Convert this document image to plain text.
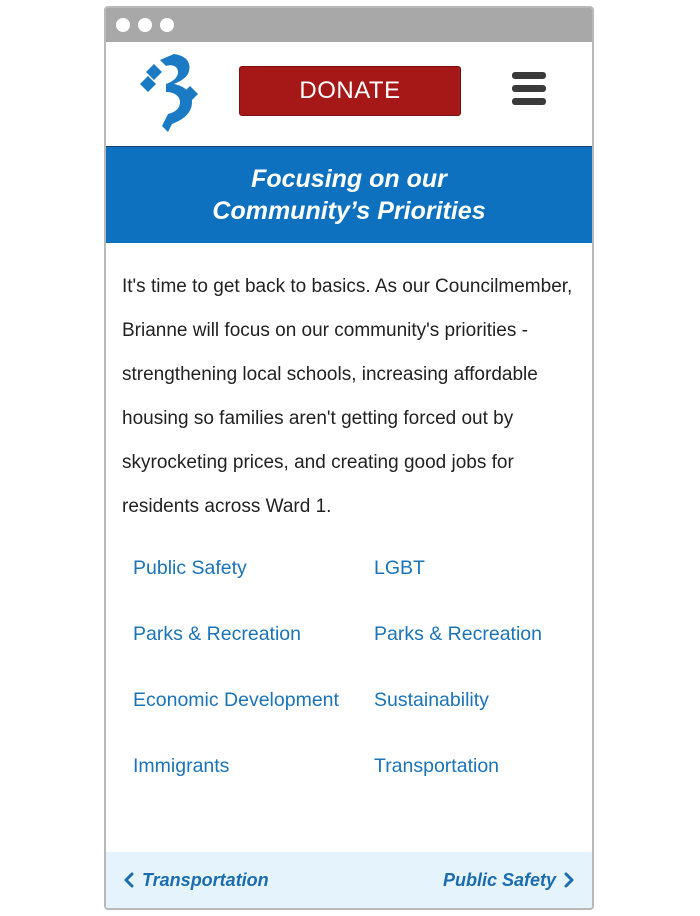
DONATE
Focusing on our
Community’s Priorities
It's time to get back to basics. As our Councilmember, Brianne will focus on our community's priorities - strengthening local schools, increasing affordable housing so families aren't getting forced out by skyrocketing prices, and creating good jobs for residents across Ward 1.
Public Safety	LGBT
Parks & Recreation	Parks & Recreation
Economic Development	Sustainability
Immigrants	Transportation
Transportation	Public Safety
